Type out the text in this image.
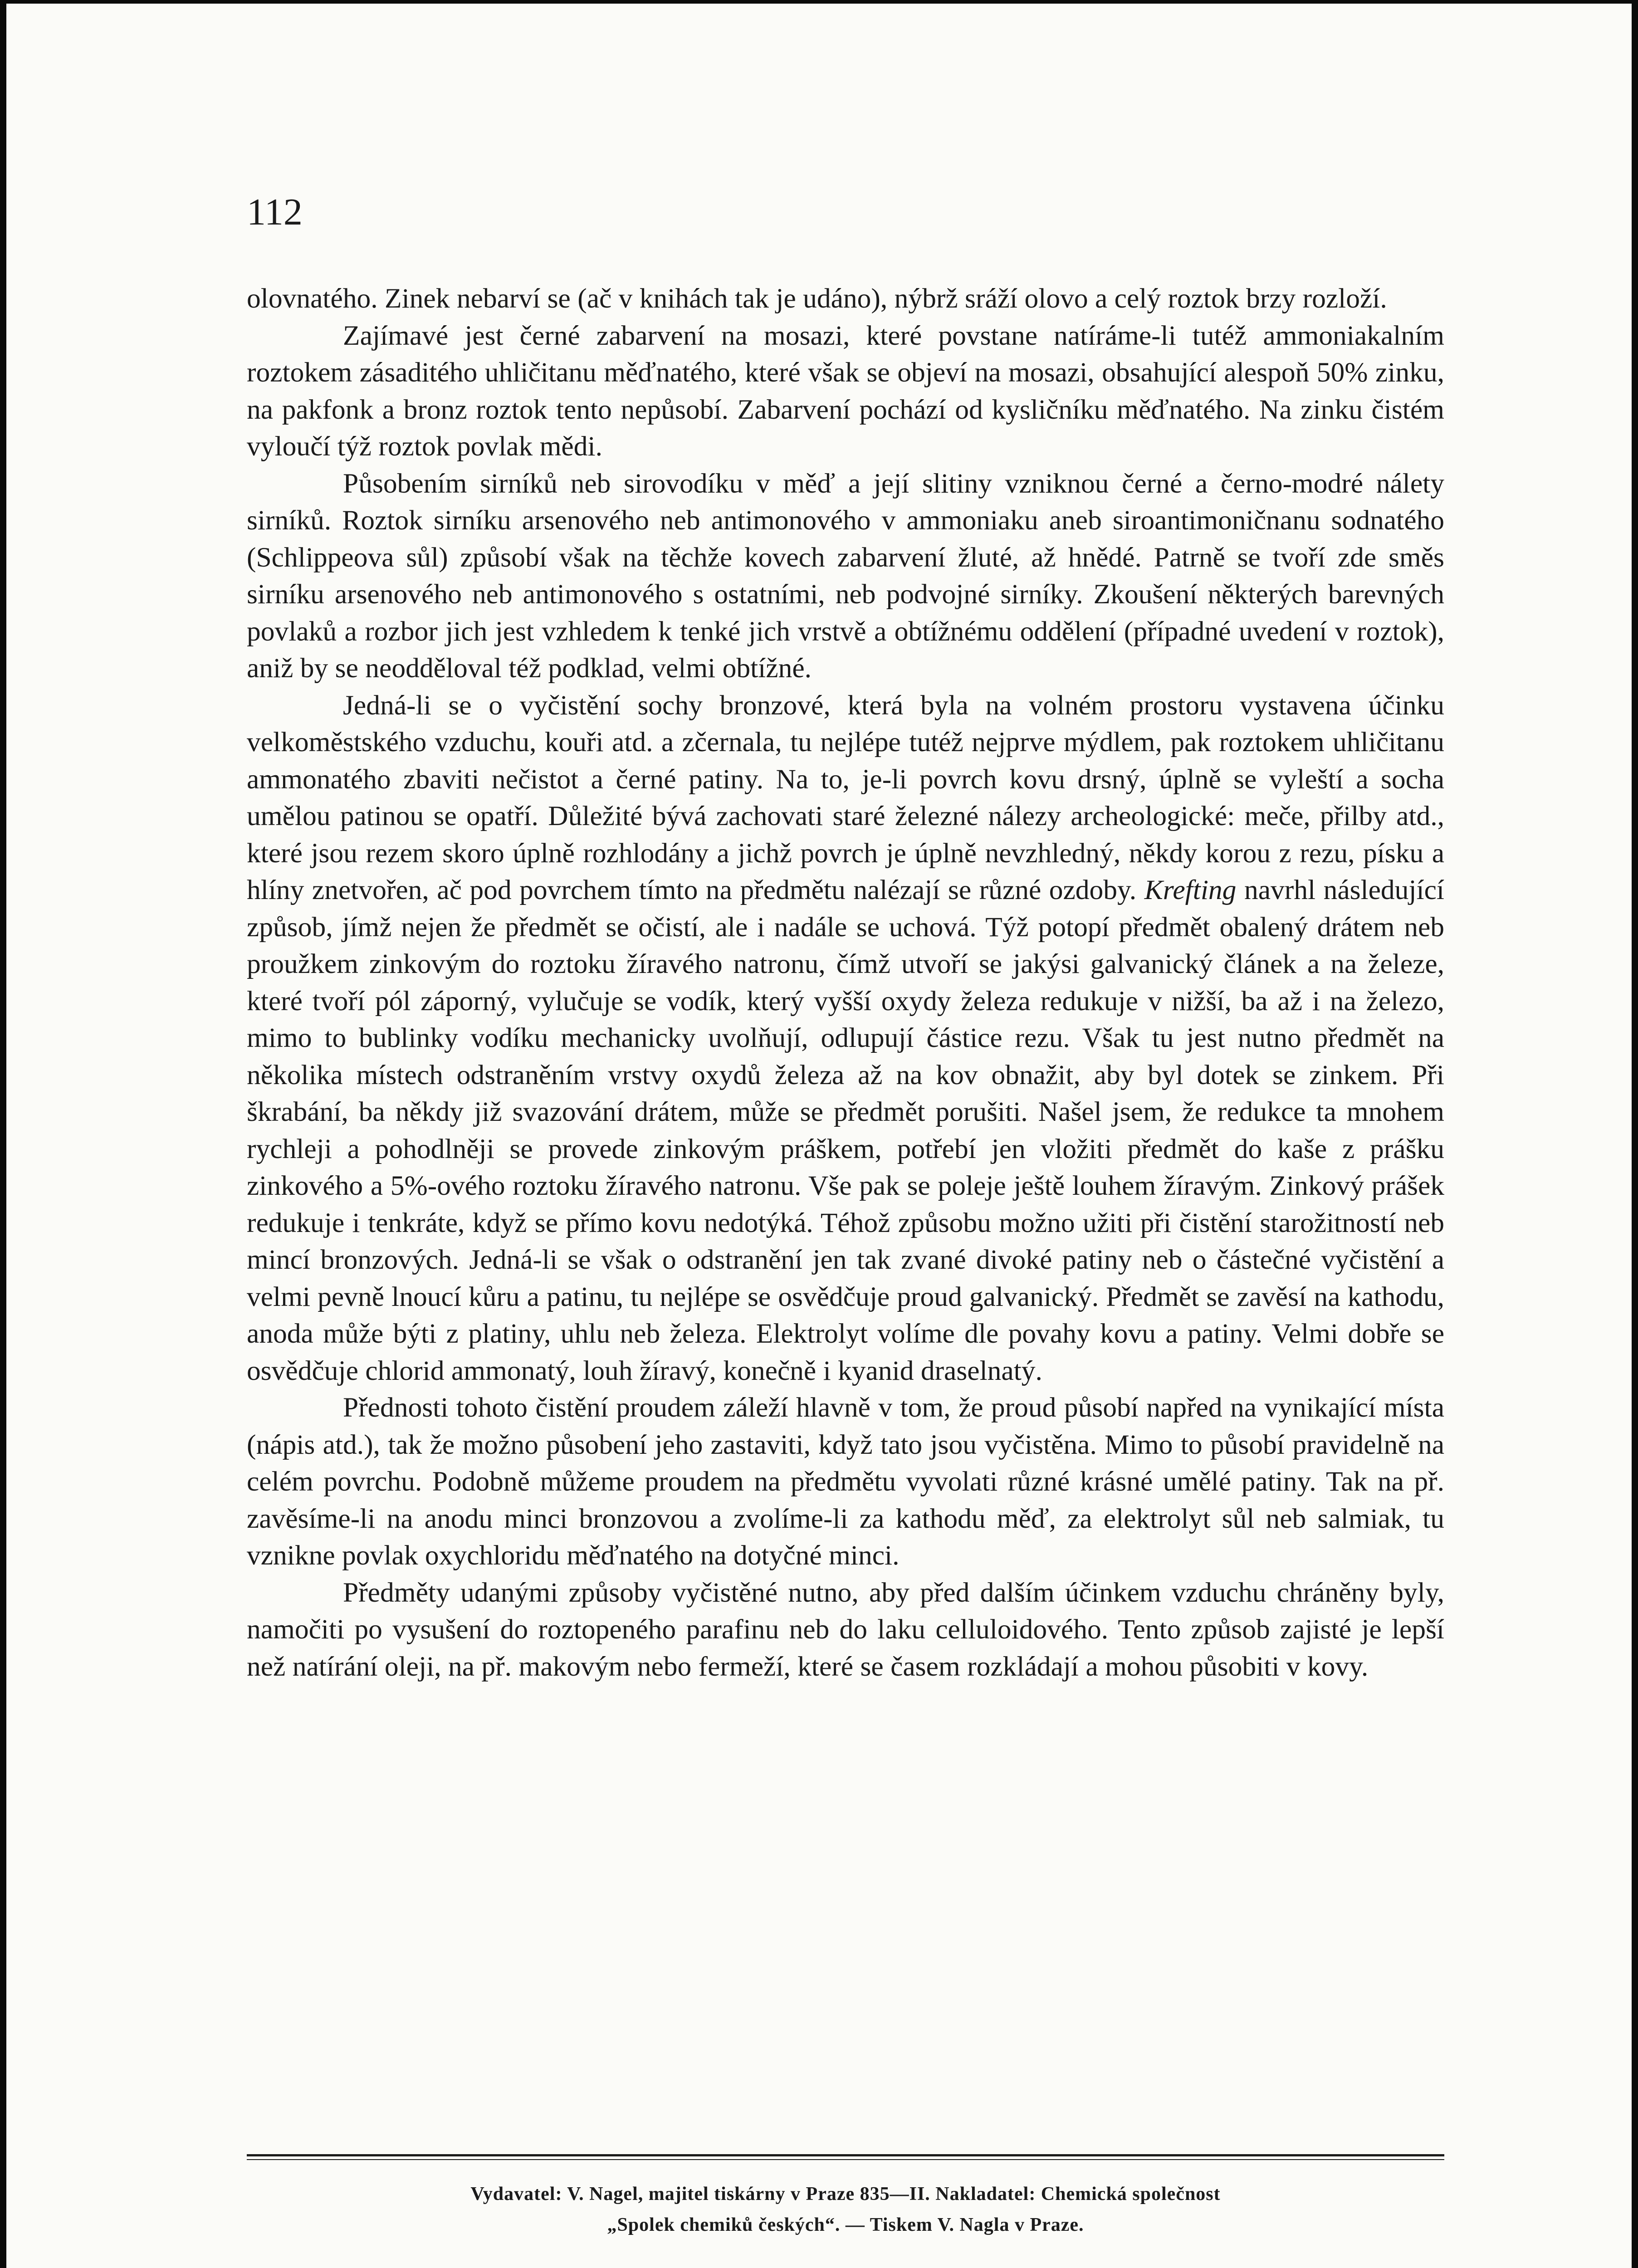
112

olovnatého. Zinek nebarví se (ač v knihách tak je udáno), nýbrž sráží olovo a celý roztok brzy rozloží.

Zajímavé jest černé zabarvení na mosazi, které povstane natíráme-li tutéž ammoniakalním roztokem zásaditého uhličitanu měďnatého, které však se objeví na mosazi, obsahující alespoň 50% zinku, na pakfonk a bronz roztok tento nepůsobí. Zabarvení pochází od kysličníku měďnatého. Na zinku čistém vyloučí týž roztok povlak mědi.

Působením sirníků neb sirovodíku v měď a její slitiny vzniknou černé a černo-modré nálety sirníků. Roztok sirníku arsenového neb antimonového v ammoniaku aneb siroantimoničnanu sodnatého (Schlippeova sůl) způsobí však na těchže kovech zabarvení žluté, až hnědé. Patrně se tvoří zde směs sirníku arsenového neb antimonového s ostatními, neb podvojné sirníky. Zkoušení některých barevných povlaků a rozbor jich jest vzhledem k tenké jich vrstvě a obtížnému oddělení (případné uvedení v roztok), aniž by se neodděloval též podklad, velmi obtížné.

Jedná-li se o vyčistění sochy bronzové, která byla na volném prostoru vystavena účinku velkoměstského vzduchu, kouři atd. a zčernala, tu nejlépe tutéž nejprve mýdlem, pak roztokem uhličitanu ammonatého zbaviti nečistot a černé patiny. Na to, je-li povrch kovu drsný, úplně se vyleští a socha umělou patinou se opatří. Důležité bývá zachovati staré železné nálezy archeologické: meče, přilby atd., které jsou rezem skoro úplně rozhlodány a jichž povrch je úplně nevzhledný, někdy korou z rezu, písku a hlíny znetvořen, ač pod povrchem tímto na předmětu nalézají se různé ozdoby. Krefting navrhl následující způsob, jímž nejen že předmět se očistí, ale i nadále se uchová. Týž potopí předmět obalený drátem neb proužkem zinkovým do roztoku žíravého natronu, čímž utvoří se jakýsi galvanický článek a na železe, které tvoří pól záporný, vylučuje se vodík, který vyšší oxydy železa redukuje v nižší, ba až i na železo, mimo to bublinky vodíku mechanicky uvolňují, odlupují částice rezu. Však tu jest nutno předmět na několika místech odstraněním vrstvy oxydů železa až na kov obnažit, aby byl dotek se zinkem. Při škrabání, ba někdy již svazování drátem, může se předmět porušiti. Našel jsem, že redukce ta mnohem rychleji a pohodlněji se provede zinkovým práškem, potřebí jen vložiti předmět do kaše z prášku zinkového a 5%-ového roztoku žíravého natronu. Vše pak se poleje ještě louhem žíravým. Zinkový prášek redukuje i tenkráte, když se přímo kovu nedotýká. Téhož způsobu možno užiti při čistění starožitností neb mincí bronzových. Jedná-li se však o odstranění jen tak zvané divoké patiny neb o částečné vyčistění a velmi pevně lnoucí kůru a patinu, tu nejlépe se osvědčuje proud galvanický. Předmět se zavěsí na kathodu, anoda může býti z platiny, uhlu neb železa. Elektrolyt volíme dle povahy kovu a patiny. Velmi dobře se osvědčuje chlorid ammonatý, louh žíravý, konečně i kyanid draselnatý.

Přednosti tohoto čistění proudem záleží hlavně v tom, že proud působí napřed na vynikající místa (nápis atd.), tak že možno působení jeho zastaviti, když tato jsou vyčistěna. Mimo to působí pravidelně na celém povrchu. Podobně můžeme proudem na předmětu vyvolati různé krásné umělé patiny. Tak na př. zavěsíme-li na anodu minci bronzovou a zvolíme-li za kathodu měď, za elektrolyt sůl neb salmiak, tu vznikne povlak oxychloridu měďnatého na dotyčné minci.

Předměty udanými způsoby vyčistěné nutno, aby před dalším účinkem vzduchu chráněny byly, namočiti po vysušení do roztopeného parafinu neb do laku celluloidového. Tento způsob zajisté je lepší než natírání oleji, na př. makovým nebo fermeží, které se časem rozkládají a mohou působiti v kovy.

Vydavatel: V. Nagel, majitel tiskárny v Praze 835—II. Nakladatel: Chemická společnost
„Spolek chemiků českých“. — Tiskem V. Nagla v Praze.
